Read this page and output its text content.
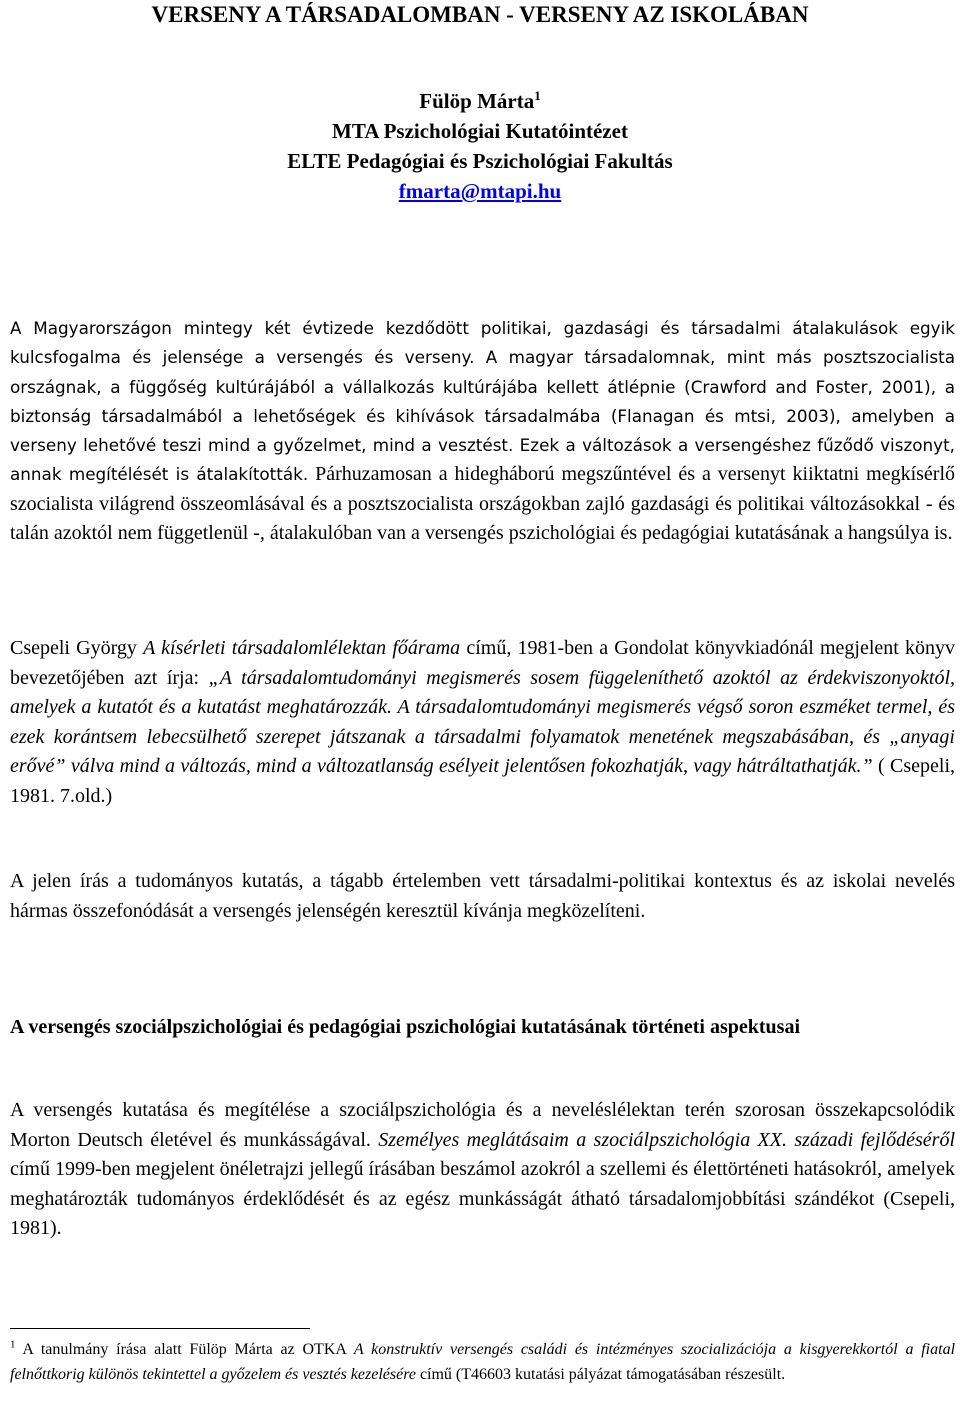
VERSENY A TÁRSADALOMBAN - VERSENY AZ ISKOLÁBAN
Fülöp Márta$^1$
MTA Pszichológiai Kutatóintézet
ELTE Pedagógiai és Pszichológiai Fakultás
fmarta@mtapi.hu

A Magyarországon mintegy két évtizede kezdődött politikai, gazdasági és társadalmi átalakulások egyik kulcsfogalma és jelensége a versengés és verseny. A magyar társadalomnak, mint más posztszocialista országnak, a függőség kultúrájából a vállalkozás kultúrájába kellett átlépnie (Crawford and Foster, 2001), a biztonság társadalmából a lehetőségek és kihívások társadalmába (Flanagan és mtsi, 2003), amelyben a verseny lehetővé teszi mind a győzelmet, mind a vesztést. Ezek a változások a versengéshez fűződő viszonyt, annak megítélését is átalakították. Párhuzamosan a hidegháború megszűntével és a versenyt kiiktatni megkísérlő szocialista világrend összeomlásával és a posztszocialista országokban zajló gazdasági és politikai változásokkal - és talán azoktól nem függetlenül -, átalakulóban van a versengés pszichológiai és pedagógiai kutatásának a hangsúlya is.

Csepeli György A kísérleti társadalomlélektan főárama című, 1981-ben a Gondolat könyvkiadónál megjelent könyv bevezetőjében azt írja: „A társadalomtudományi megismerés sosem függeleníthető azoktól az érdekviszonyoktól, amelyek a kutatót és a kutatást meghatározzák. A társadalomtudományi megismerés végső soron eszméket termel, és ezek korántsem lebecsülhető szerepet játszanak a társadalmi folyamatok menetének megszabásában, és „anyagi erővé” válva mind a változás, mind a változatlanság esélyeit jelentősen fokozhatják, vagy hátráltathatják.” ( Csepeli, 1981. 7.old.)

A jelen írás a tudományos kutatás, a tágabb értelemben vett társadalmi-politikai kontextus és az iskolai nevelés hármas összefonódását a versengés jelenségén keresztül kívánja megközelíteni.

A versengés szociálpszichológiai és pedagógiai pszichológiai kutatásának történeti aspektusai

A versengés kutatása és megítélése a szociálpszichológia és a neveléslélektan terén szorosan összekapcsolódik Morton Deutsch életével és munkásságával. Személyes meglátásaim a szociálpszichológia XX. századi fejlődéséről című 1999-ben megjelent önéletrajzi jellegű írásában beszámol azokról a szellemi és élettörténeti hatásokról, amelyek meghatározták tudományos érdeklődését és az egész munkásságát átható társadalomjobbítási szándékot (Csepeli, 1981).

$^1$ A tanulmány írása alatt Fülöp Márta az OTKA A konstruktív versengés családi és intézményes szocializációja a kisgyerekkortól a fiatal felnőttkorig különös tekintettel a győzelem és vesztés kezelésére című (T46603 kutatási pályázat támogatásában részesült.
